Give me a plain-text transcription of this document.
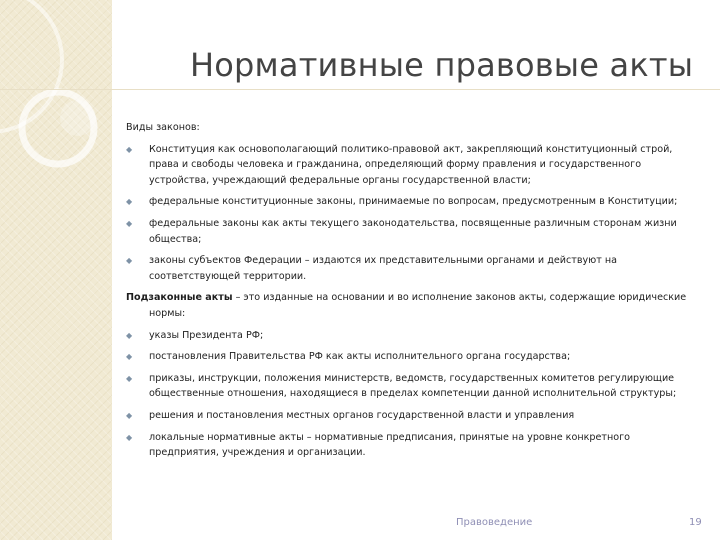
Нормативные правовые акты
Виды законов:
◆ Конституция как основополагающий политико-правовой акт, закрепляющий конституционный строй, права и свободы человека и гражданина, определяющий форму правления и государственного устройства, учреждающий федеральные органы государственной власти;
◆ федеральные конституционные законы, принимаемые по вопросам, предусмотренным в Конституции;
◆ федеральные законы как акты текущего законодательства, посвященные различным сторонам жизни общества;
◆ законы субъектов Федерации – издаются их представительными органами и действуют на соответствующей территории.
Подзаконные акты – это изданные на основании и во исполнение законов акты, содержащие юридические нормы:
◆ указы Президента РФ;
◆ постановления Правительства РФ как акты исполнительного органа государства;
◆ приказы, инструкции, положения министерств, ведомств, государственных комитетов регулирующие общественные отношения, находящиеся в пределах компетенции данной исполнительной структуры;
◆ решения и постановления местных органов государственной власти и управления
◆ локальные нормативные акты – нормативные предписания, принятые на уровне конкретного предприятия, учреждения и организации.
Правоведение	19
